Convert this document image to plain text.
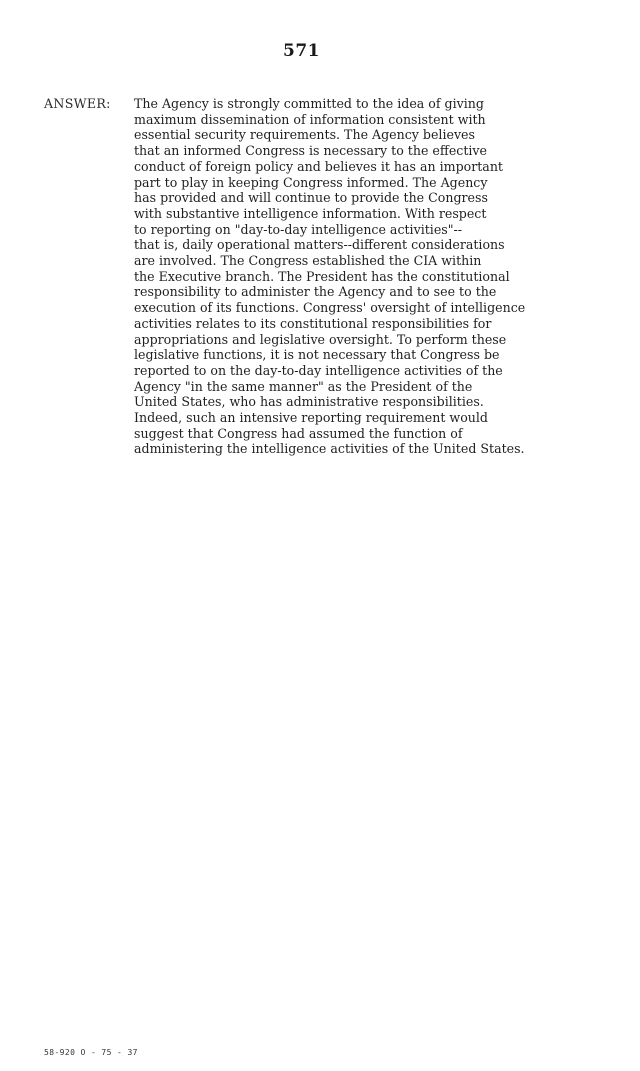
571
ANSWER: The Agency is strongly committed to the idea of giving
maximum dissemination of information consistent with
essential security requirements. The Agency believes
that an informed Congress is necessary to the effective
conduct of foreign policy and believes it has an important
part to play in keeping Congress informed. The Agency
has provided and will continue to provide the Congress
with substantive intelligence information. With respect
to reporting on "day-to-day intelligence activities"--
that is, daily operational matters--different considerations
are involved. The Congress established the CIA within
the Executive branch. The President has the constitutional
responsibility to administer the Agency and to see to the
execution of its functions. Congress' oversight of intelligence
activities relates to its constitutional responsibilities for
appropriations and legislative oversight. To perform these
legislative functions, it is not necessary that Congress be
reported to on the day-to-day intelligence activities of the
Agency "in the same manner" as the President of the
United States, who has administrative responsibilities.
Indeed, such an intensive reporting requirement would
suggest that Congress had assumed the function of
administering the intelligence activities of the United States.
58-920 O - 75 - 37
